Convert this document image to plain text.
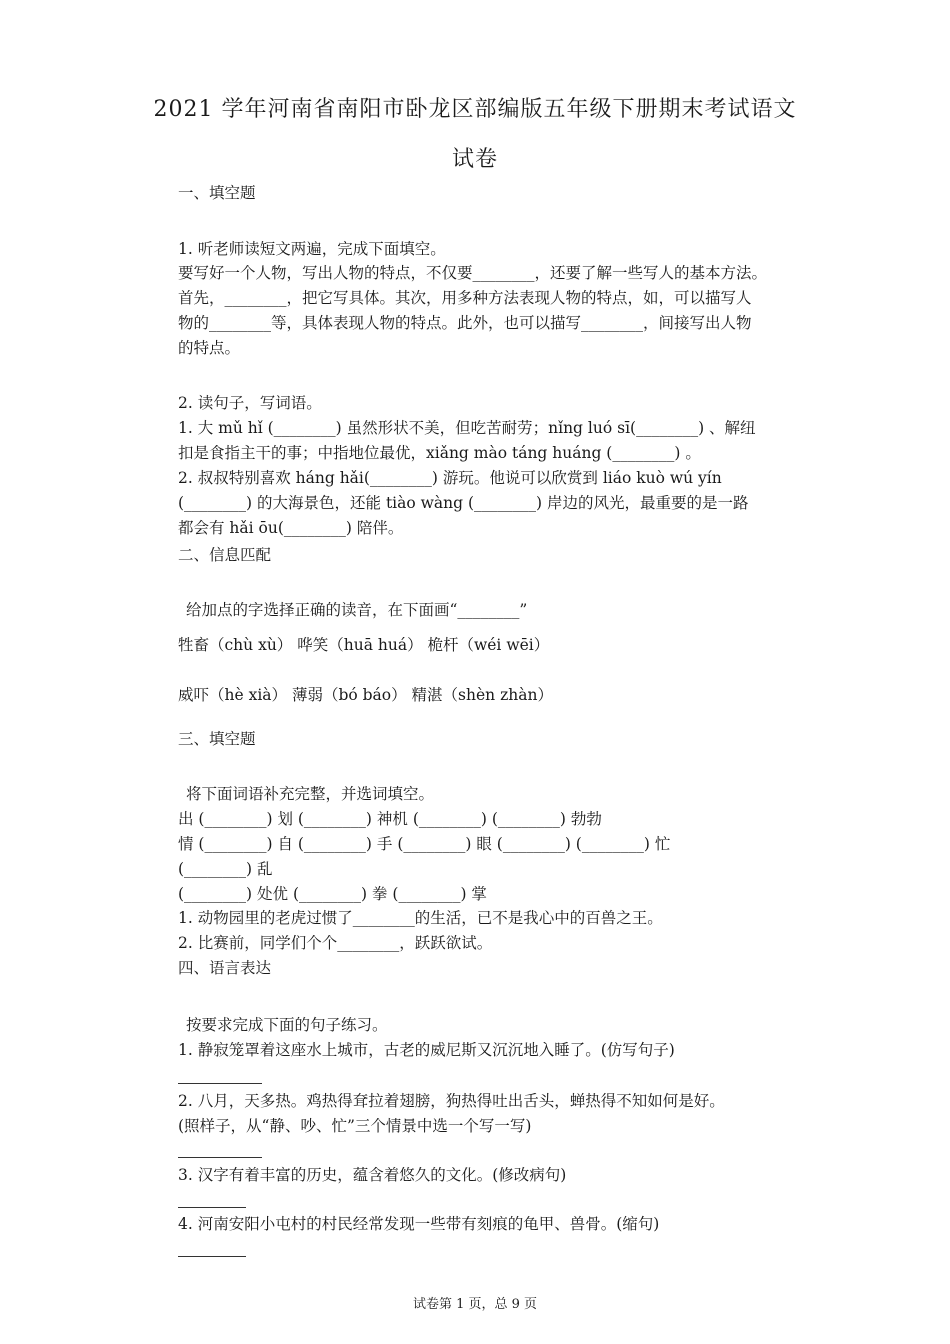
2021 学年河南省南阳市卧龙区部编版五年级下册期末考试语文
试卷
一、填空题
1. 听老师读短文两遍，完成下面填空。
要写好一个人物，写出人物的特点，不仅要________，还要了解一些写人的基本方法。
首先，________，把它写具体。其次，用多种方法表现人物的特点，如，可以描写人
物的________等，具体表现人物的特点。此外，也可以描写________，间接写出人物
的特点。
2. 读句子，写词语。
1. 大 mǔ hǐ (________) 虽然形状不美，但吃苦耐劳；nǐng luó sī(________) 、解纽
扣是食指主干的事；中指地位最优，xiǎng mào táng huáng (________) 。
2. 叔叔特别喜欢 háng hǎi(________) 游玩。他说可以欣赏到 liáo kuò wú yín
(________) 的大海景色，还能 tiào wàng (________) 岸边的风光，最重要的是一路
都会有 hǎi ōu(________) 陪伴。
二、信息匹配
给加点的字选择正确的读音，在下面画“________”
牲畜（chù xù） 哗笑（huā huá） 桅杆（wéi wēi）
威吓（hè xià） 薄弱（bó báo） 精湛（shèn zhàn）
三、填空题
将下面词语补充完整，并选词填空。
出 (________) 划 (________) 神机 (________) (________) 勃勃
情 (________) 自 (________) 手 (________) 眼 (________) (________) 忙
(________) 乱
(________) 处优 (________) 拳 (________) 掌
1. 动物园里的老虎过惯了________的生活，已不是我心中的百兽之王。
2. 比赛前，同学们个个________，跃跃欲试。
四、语言表达
按要求完成下面的句子练习。
1. 静寂笼罩着这座水上城市，古老的威尼斯又沉沉地入睡了。(仿写句子)
2. 八月，天多热。鸡热得耷拉着翅膀，狗热得吐出舌头，蝉热得不知如何是好。
(照样子，从“静、吵、忙”三个情景中选一个写一写)
3. 汉字有着丰富的历史，蕴含着悠久的文化。(修改病句)
4. 河南安阳小屯村的村民经常发现一些带有刻痕的龟甲、兽骨。(缩句)
试卷第 1 页，总 9 页
